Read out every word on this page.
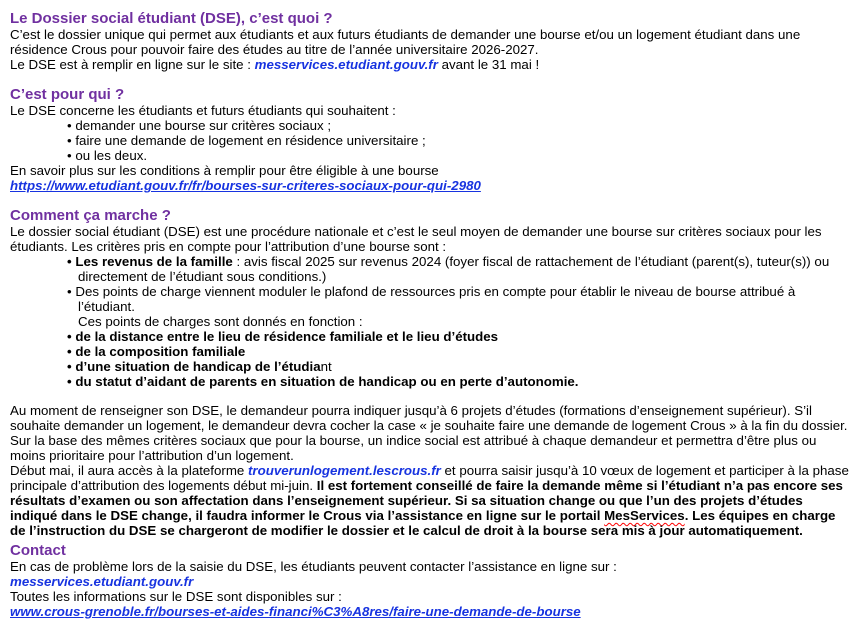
Le Dossier social étudiant (DSE), c’est quoi ?

C’est le dossier unique qui permet aux étudiants et aux futurs étudiants de demander une bourse et/ou un logement étudiant dans une résidence Crous pour pouvoir faire des études au titre de l’année universitaire 2026-2027.

Le DSE est à remplir en ligne sur le site : messervices.etudiant.gouv.fr avant le 31 mai !

C’est pour qui ?

Le DSE concerne les étudiants et futurs étudiants qui souhaitent :

• demander une bourse sur critères sociaux ;

• faire une demande de logement en résidence universitaire ;

• ou les deux.

En savoir plus sur les conditions à remplir pour être éligible à une bourse

https://www.etudiant.gouv.fr/fr/bourses-sur-criteres-sociaux-pour-qui-2980

Comment ça marche ?

Le dossier social étudiant (DSE) est une procédure nationale et c’est le seul moyen de demander une bourse sur critères sociaux pour les étudiants. Les critères pris en compte pour l’attribution d’une bourse sont :

• Les revenus de la famille : avis fiscal 2025 sur revenus 2024 (foyer fiscal de rattachement de l’étudiant (parent(s), tuteur(s)) ou directement de l’étudiant sous conditions.)

• Des points de charge viennent moduler le plafond de ressources pris en compte pour établir le niveau de bourse attribué à l’étudiant.

Ces points de charges sont donnés en fonction :

• de la distance entre le lieu de résidence familiale et le lieu d’études

• de la composition familiale

• d’une situation de handicap de l’étudiant

• du statut d’aidant de parents en situation de handicap ou en perte d’autonomie.

Au moment de renseigner son DSE, le demandeur pourra indiquer jusqu’à 6 projets d’études (formations d’enseignement supérieur). S’il souhaite demander un logement, le demandeur devra cocher la case « je souhaite faire une demande de logement Crous » à la fin du dossier. Sur la base des mêmes critères sociaux que pour la bourse, un indice social est attribué à chaque demandeur et permettra d’être plus ou moins prioritaire pour l’attribution d’un logement.

Début mai, il aura accès à la plateforme trouverunlogement.lescrous.fr et pourra saisir jusqu’à 10 vœux de logement et participer à la phase principale d’attribution des logements début mi-juin. Il est fortement conseillé de faire la demande même si l’étudiant n’a pas encore ses résultats d’examen ou son affectation dans l’enseignement supérieur. Si sa situation change ou que l’un des projets d’études indiqué dans le DSE change, il faudra informer le Crous via l’assistance en ligne sur le portail MesServices. Les équipes en charge de l’instruction du DSE se chargeront de modifier le dossier et le calcul de droit à la bourse sera mis à jour automatiquement.

Contact

En cas de problème lors de la saisie du DSE, les étudiants peuvent contacter l’assistance en ligne sur :

messervices.etudiant.gouv.fr

Toutes les informations sur le DSE sont disponibles sur :

www.crous-grenoble.fr/bourses-et-aides-financi%C3%A8res/faire-une-demande-de-bourse
